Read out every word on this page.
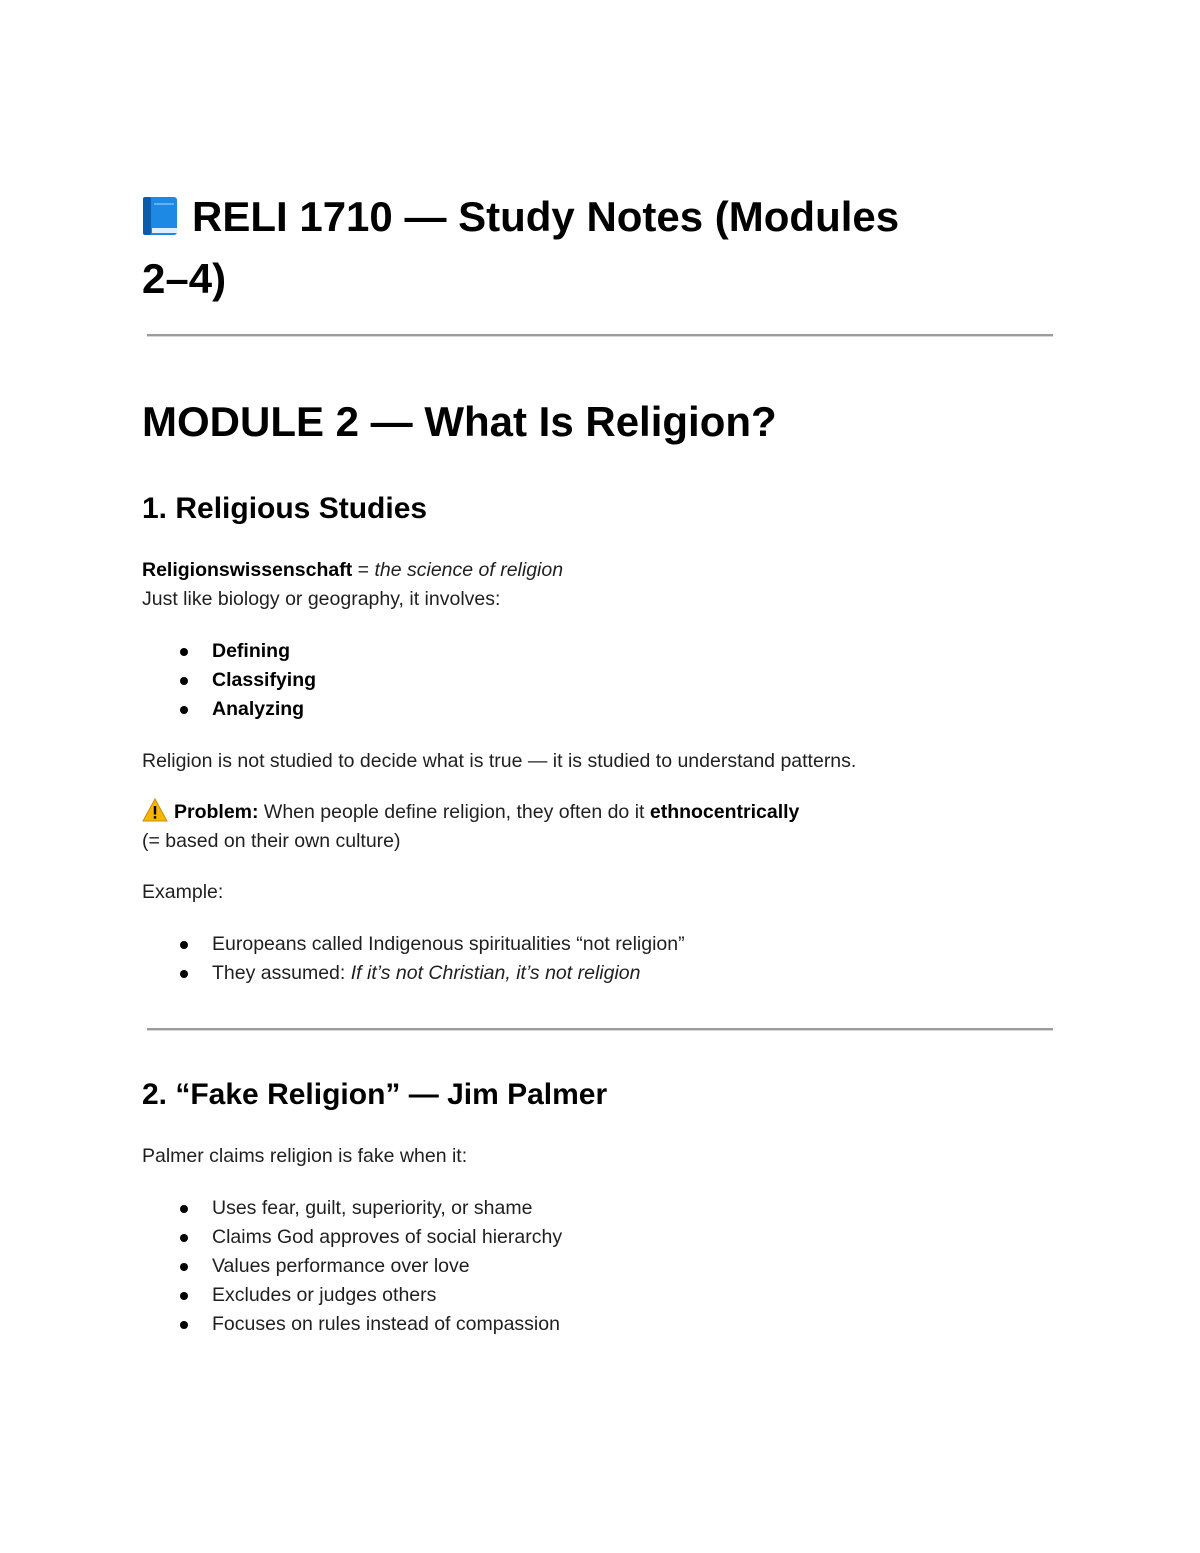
RELI 1710 — Study Notes (Modules
2–4)
MODULE 2 — What Is Religion?
1. Religious Studies

Religionswissenschaft = the science of religion

Just like biology or geography, it involves:

Defining
Classifying
Analyzing

Religion is not studied to decide what is true — it is studied to understand patterns.

Problem: When people define religion, they often do it ethnocentrically

(= based on their own culture)

Example:

Europeans called Indigenous spiritualities “not religion”
They assumed: If it’s not Christian, it’s not religion
2. “Fake Religion” — Jim Palmer

Palmer claims religion is fake when it:

Uses fear, guilt, superiority, or shame
Claims God approves of social hierarchy
Values performance over love
Excludes or judges others
Focuses on rules instead of compassion
